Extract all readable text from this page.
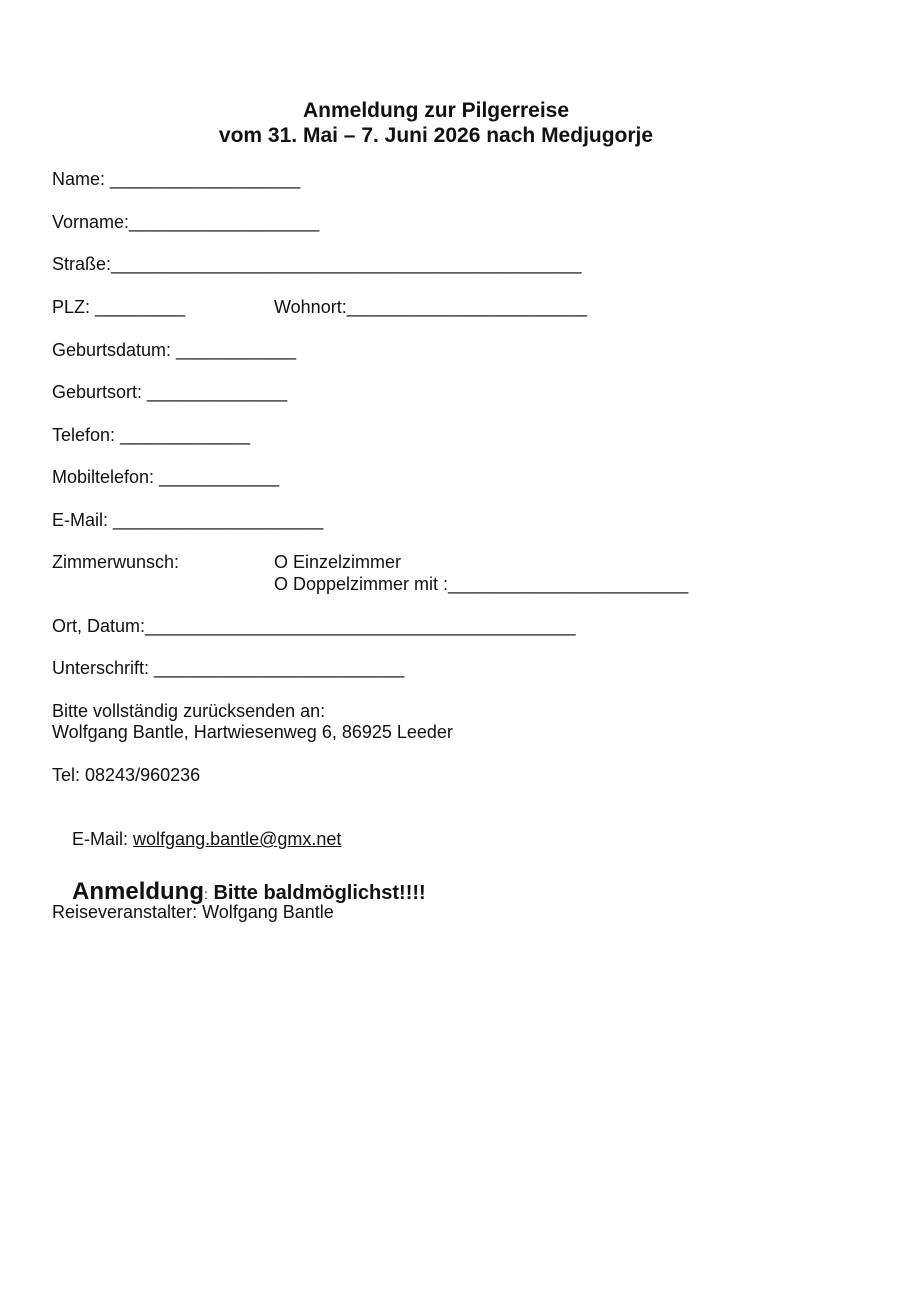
Anmeldung zur Pilgerreise
vom 31. Mai – 7. Juni 2026 nach Medjugorje
Name: ___________________
Vorname:___________________
Straße:_______________________________________________
PLZ: _________	Wohnort:________________________
Geburtsdatum: ____________
Geburtsort: ______________
Telefon: _____________
Mobiltelefon: ____________
E-Mail: _____________________
Zimmerwunsch:	O Einzelzimmer
O Doppelzimmer mit :________________________
Ort, Datum:___________________________________________
Unterschrift: _________________________
Bitte vollständig zurücksenden an:
Wolfgang Bantle, Hartwiesenweg 6, 86925 Leeder
Tel: 08243/960236

E-Mail: wolfgang.bantle@gmx.net

Anmeldung: Bitte baldmöglichst!!!!

Reiseveranstalter: Wolfgang Bantle
